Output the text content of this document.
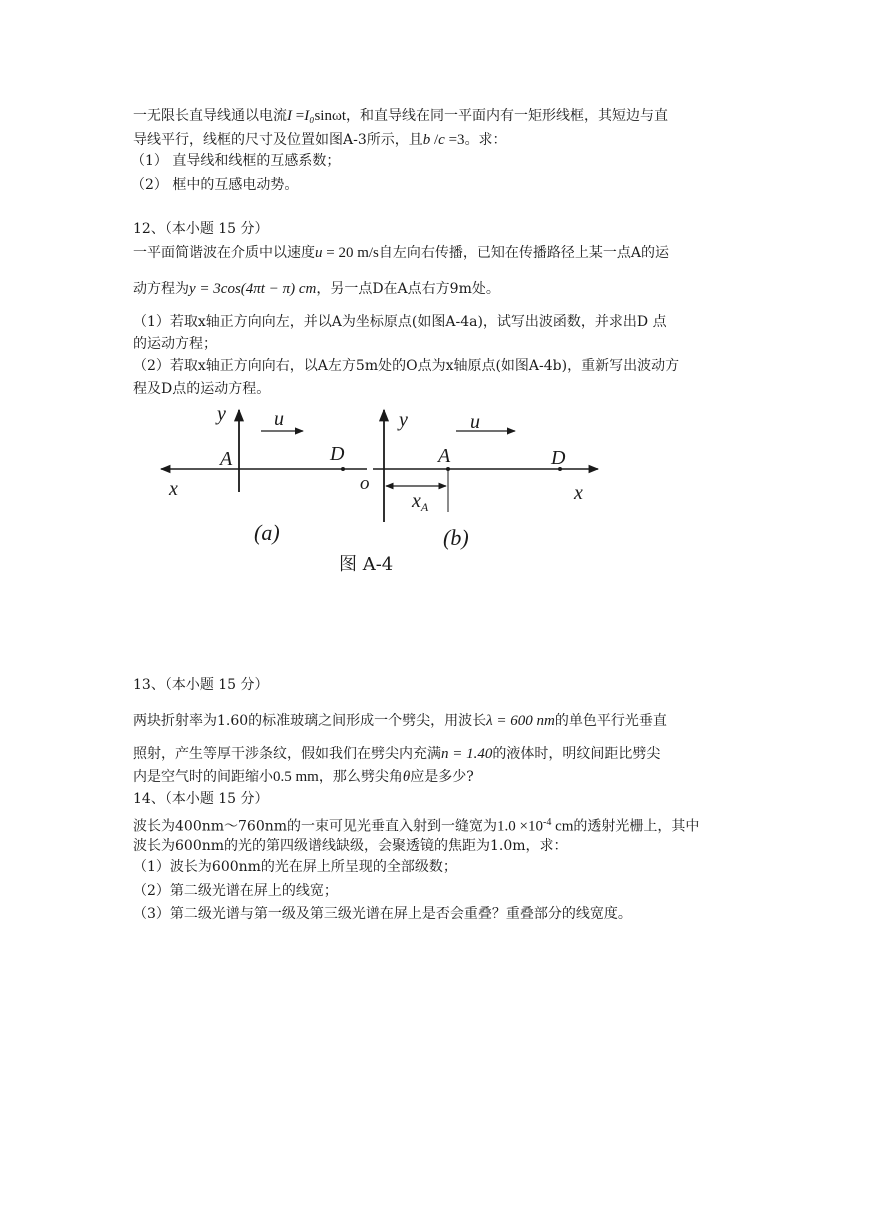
一无限长直导线通以电流I =I₀sinωt，和直导线在同一平面内有一矩形线框，其短边与直
导线平行，线框的尺寸及位置如图A-3所示，且b /c =3。求：
（1） 直导线和线框的互感系数；
（2） 框中的互感电动势。
12、（本小题 15 分）
一平面简谐波在介质中以速度u = 20 m/s自左向右传播，已知在传播路径上某一点A的运
动方程为y = 3cos(4πt − π) cm，另一点D在A点右方9m处。
（1）若取x轴正方向向左，并以A为坐标原点(如图A-4a)，试写出波函数，并求出D 点
的运动方程；
（2）若取x轴正方向向右，以A左方5m处的O点为x轴原点(如图A-4b)，重新写出波动方
程及D点的运动方程。
y u
A	D
x
(a)
y	u
A	D
o	x
$x_A$
(b)
图 A-4
13、（本小题 15 分）
两块折射率为1.60的标准玻璃之间形成一个劈尖，用波长λ = 600 nm的单色平行光垂直
照射，产生等厚干涉条纹，假如我们在劈尖内充满n = 1.40的液体时，明纹间距比劈尖
内是空气时的间距缩小0.5 mm，那么劈尖角θ应是多少?
14、（本小题 15 分）
波长为400nm～760nm的一束可见光垂直入射到一缝宽为$1.0 \times 10^{-4}$ cm的透射光栅上，其中
波长为600nm的光的第四级谱线缺级，会聚透镜的焦距为1.0m，求：
（1）波长为600nm的光在屏上所呈现的全部级数；
（2）第二级光谱在屏上的线宽；
（3）第二级光谱与第一级及第三级光谱在屏上是否会重叠？重叠部分的线宽度。
